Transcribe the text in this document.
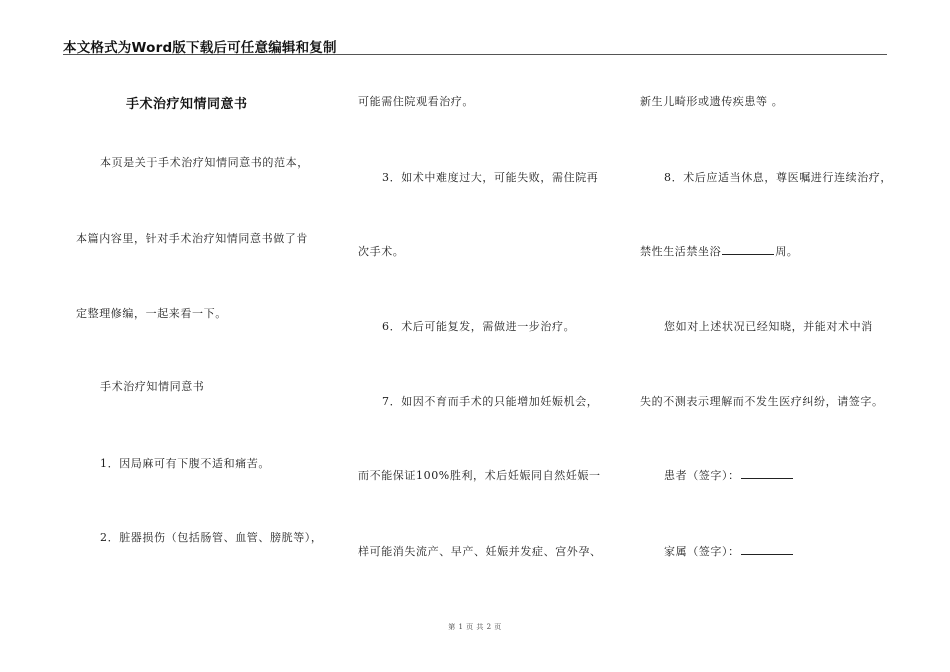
本文格式为Word版下载后可任意编辑和复制
手术治疗知情同意书
本页是关于手术治疗知情同意书的范本，
本篇内容里，针对手术治疗知情同意书做了肯
定整理修编，一起来看一下。
手术治疗知情同意书
1．因局麻可有下腹不适和痛苦。
2．脏器损伤（包括肠管、血管、膀胱等），
可能需住院观看治疗。
3．如术中难度过大，可能失败，需住院再
次手术。
6．术后可能复发，需做进一步治疗。
7．如因不育而手术的只能增加妊娠机会，
而不能保证100%胜利，术后妊娠同自然妊娠一
样可能消失流产、早产、妊娠并发症、宫外孕、
新生儿畸形或遗传疾患等 。
8．术后应适当休息，尊医嘱进行连续治疗，
禁性生活禁坐浴	周。
您如对上述状况已经知晓，并能对术中消
失的不测表示理解而不发生医疗纠纷，请签字。
患者（签字）：
家属（签字）：
第 1 页 共 2 页
